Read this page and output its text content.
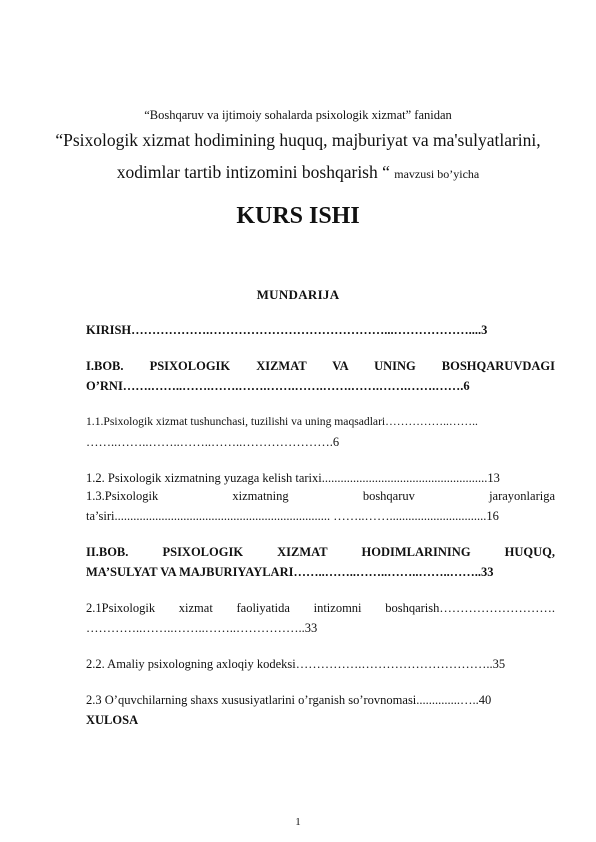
“Boshqaruv va ijtimoiy sohalarda psixologik xizmat” fanidan
“Psixologik xizmat hodimining huquq, majburiyat va ma'sulyatlarini,
xodimlar tartib intizomini boshqarish “ mavzusi bo’yicha
KURS ISHI
MUNDARIJA
KIRISH……………….……………………………………...………………....3
I.BOB. PSIXOLOGIK XIZMAT VA UNING BOSHQARUVDAGI
O’RNI…….……..…….…….…….…….…….…….…….…….…….…….6
1.1.Psixologik xizmat tushunchasi, tuzilishi va uning maqsadlari……………..……..
……..……..……..……..……..………………….6
1.2. Psixologik xizmatning yuzaga kelish tarixi.....................................................13
1.3.Psixologik xizmatning boshqaruv jarayonlariga
ta’siri..................................................................... ……..……...............................16
II.BOB. PSIXOLOGIK XIZMAT HODIMLARINING HUQUQ,
MA’SULYAT VA MAJBURIYAYLARI……..……..……..……..……..……..33
2.1Psixologik xizmat faoliyatida intizomni boshqarish……………………….
…………..……..……..……..……………..33
2.2. Amaliy psixologning axloqiy kodeksi…………….…………………………..35
2.3 O’quvchilarning shaxs xususiyatlarini o’rganish so’rovnomasi..............…..40
XULOSA
1
